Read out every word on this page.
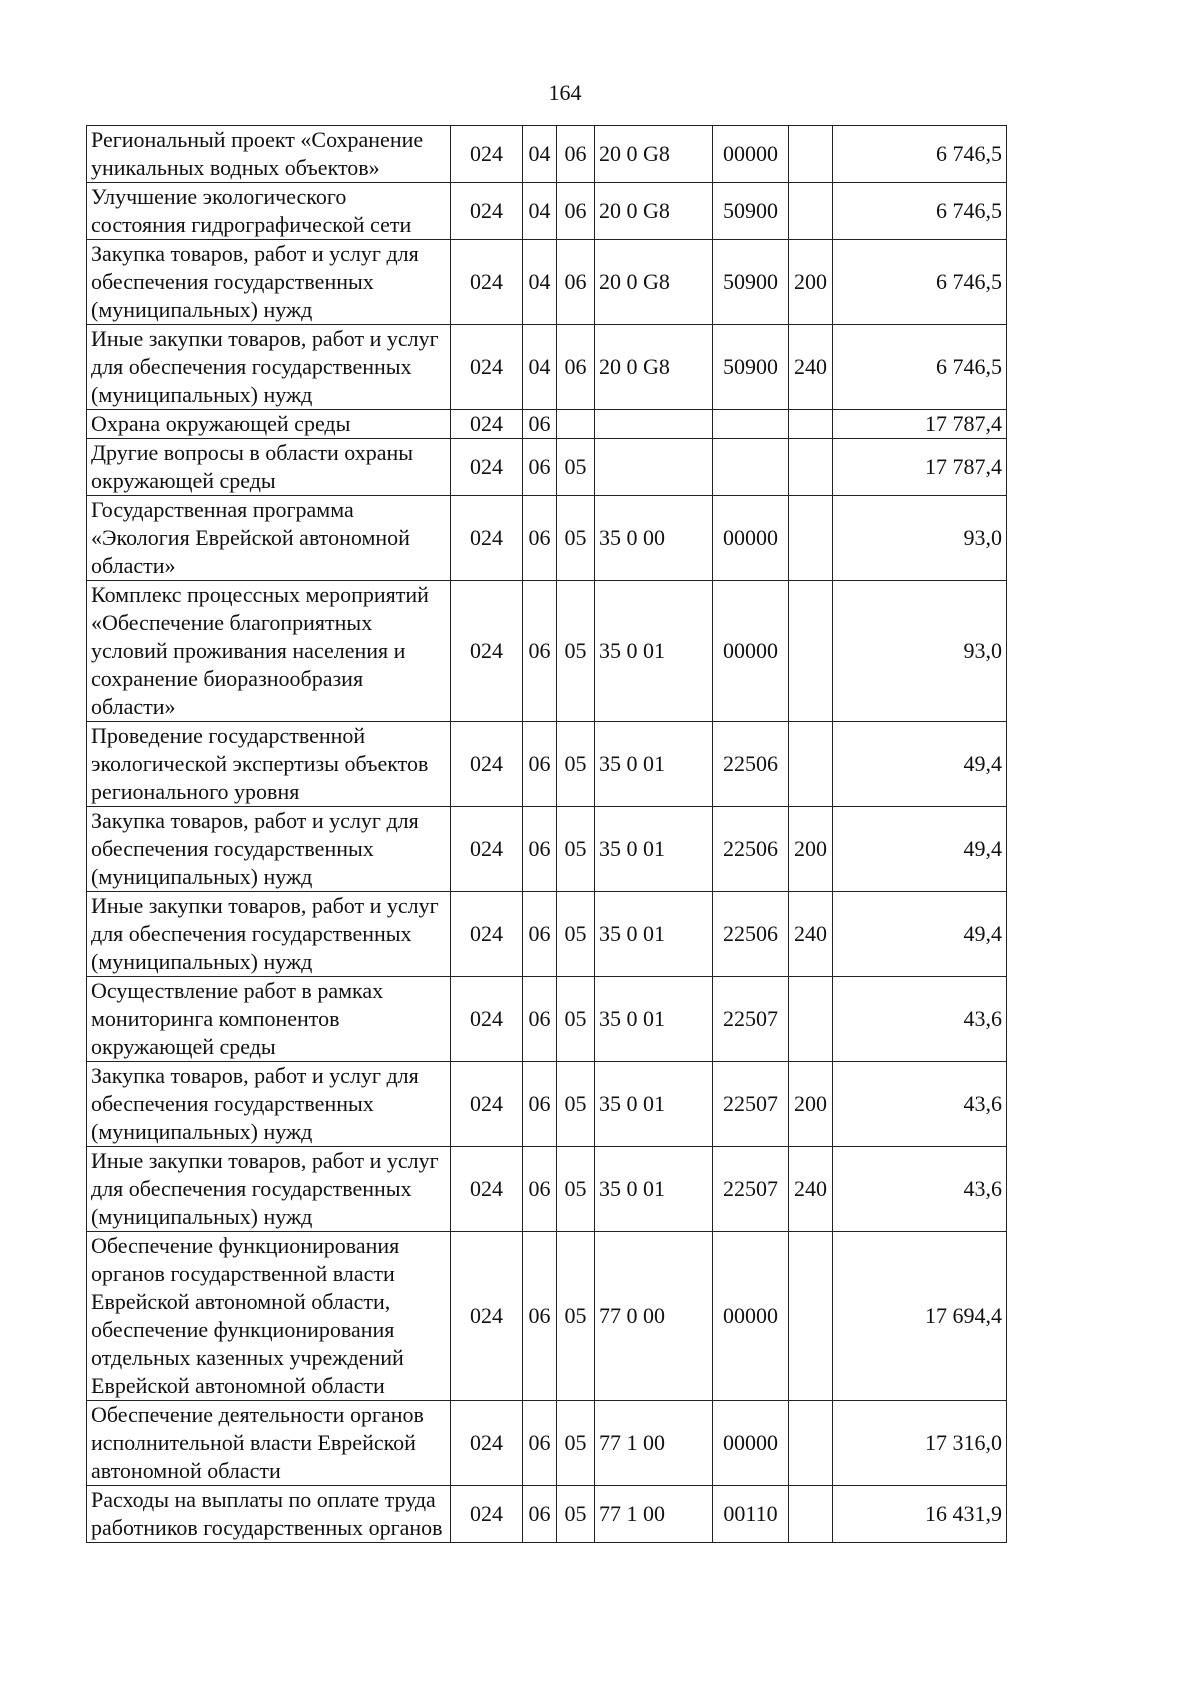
164
Региональный проект «Сохранение уникальных водных объектов»	024	04	06	20 0 G8	00000		6 746,5
Улучшение экологического состояния гидрографической сети	024	04	06	20 0 G8	50900		6 746,5
Закупка товаров, работ и услуг для обеспечения государственных (муниципальных) нужд	024	04	06	20 0 G8	50900	200	6 746,5
Иные закупки товаров, работ и услуг для обеспечения государственных (муниципальных) нужд	024	04	06	20 0 G8	50900	240	6 746,5
Охрана окружающей среды	024	06					17 787,4
Другие вопросы в области охраны окружающей среды	024	06	05				17 787,4
Государственная программа «Экология Еврейской автономной области»	024	06	05	35 0 00	00000		93,0
Комплекс процессных мероприятий «Обеспечение благоприятных условий проживания населения и сохранение биоразнообразия области»	024	06	05	35 0 01	00000		93,0
Проведение государственной экологической экспертизы объектов регионального уровня	024	06	05	35 0 01	22506		49,4
Закупка товаров, работ и услуг для обеспечения государственных (муниципальных) нужд	024	06	05	35 0 01	22506	200	49,4
Иные закупки товаров, работ и услуг для обеспечения государственных (муниципальных) нужд	024	06	05	35 0 01	22506	240	49,4
Осуществление работ в рамках мониторинга компонентов окружающей среды	024	06	05	35 0 01	22507		43,6
Закупка товаров, работ и услуг для обеспечения государственных (муниципальных) нужд	024	06	05	35 0 01	22507	200	43,6
Иные закупки товаров, работ и услуг для обеспечения государственных (муниципальных) нужд	024	06	05	35 0 01	22507	240	43,6
Обеспечение функционирования органов государственной власти Еврейской автономной области, обеспечение функционирования отдельных казенных учреждений Еврейской автономной области	024	06	05	77 0 00	00000		17 694,4
Обеспечение деятельности органов исполнительной власти Еврейской автономной области	024	06	05	77 1 00	00000		17 316,0
Расходы на выплаты по оплате труда работников государственных органов	024	06	05	77 1 00	00110		16 431,9
